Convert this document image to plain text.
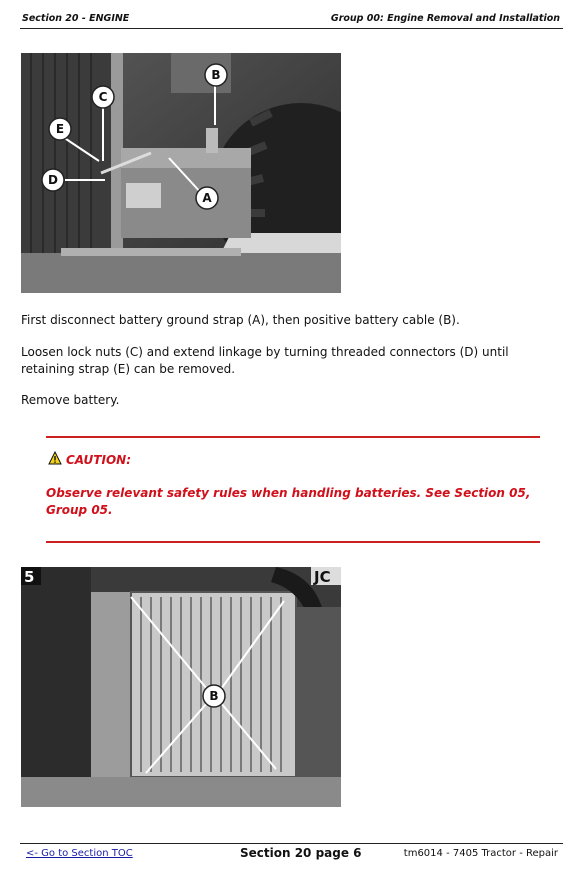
Section 20 - ENGINE	Group 00: Engine Removal and Installation
B
C
E
D
A
First disconnect battery ground strap (A), then positive battery cable (B).
Loosen lock nuts (C) and extend linkage by turning threaded connectors (D) until retaining strap (E) can be removed.
Remove battery.
CAUTION:
Observe relevant safety rules when handling batteries. See Section 05, Group 05.
5	JC
B
<- Go to Section TOC	Section 20 page 6	tm6014 - 7405 Tractor - Repair
